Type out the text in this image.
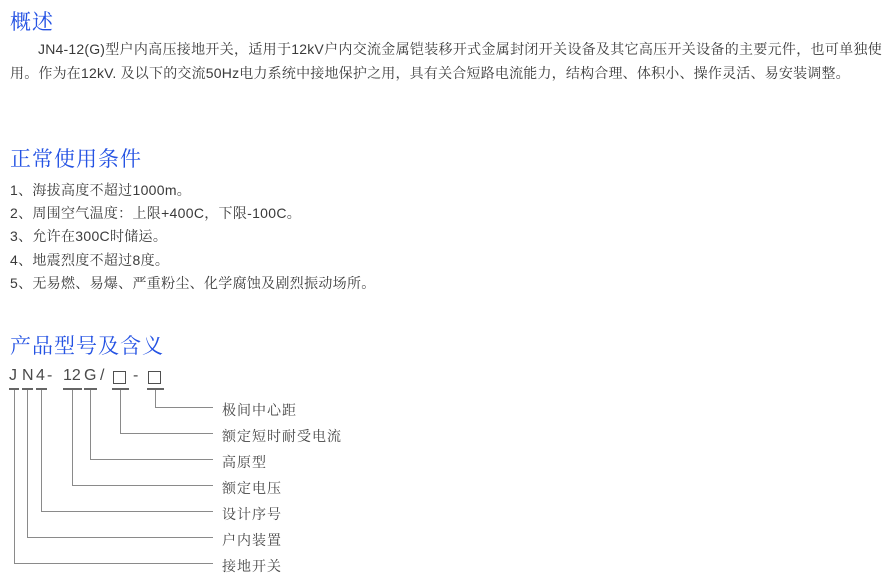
概述

JN4-12(G)型户内高压接地开关，适用于12kV户内交流金属铠装移开式金属封闭开关设备及其它高压开关设备的主要元件，也可单独使用。作为在12kV. 及以下的交流50Hz电力系统中接地保护之用，具有关合短路电流能力，结构合理、体积小、操作灵活、易安装调整。

正常使用条件
1、海拔高度不超过1000m。
2、周围空气温度：上限+400C，下限-100C。
3、允许在300C时储运。
4、地震烈度不超过8度。
5、无易燃、易爆、严重粉尘、化学腐蚀及剧烈振动场所。
产品型号及含义
J N 4 - 12 G / -
极间中心距
额定短时耐受电流
高原型
额定电压
设计序号
户内装置
接地开关
